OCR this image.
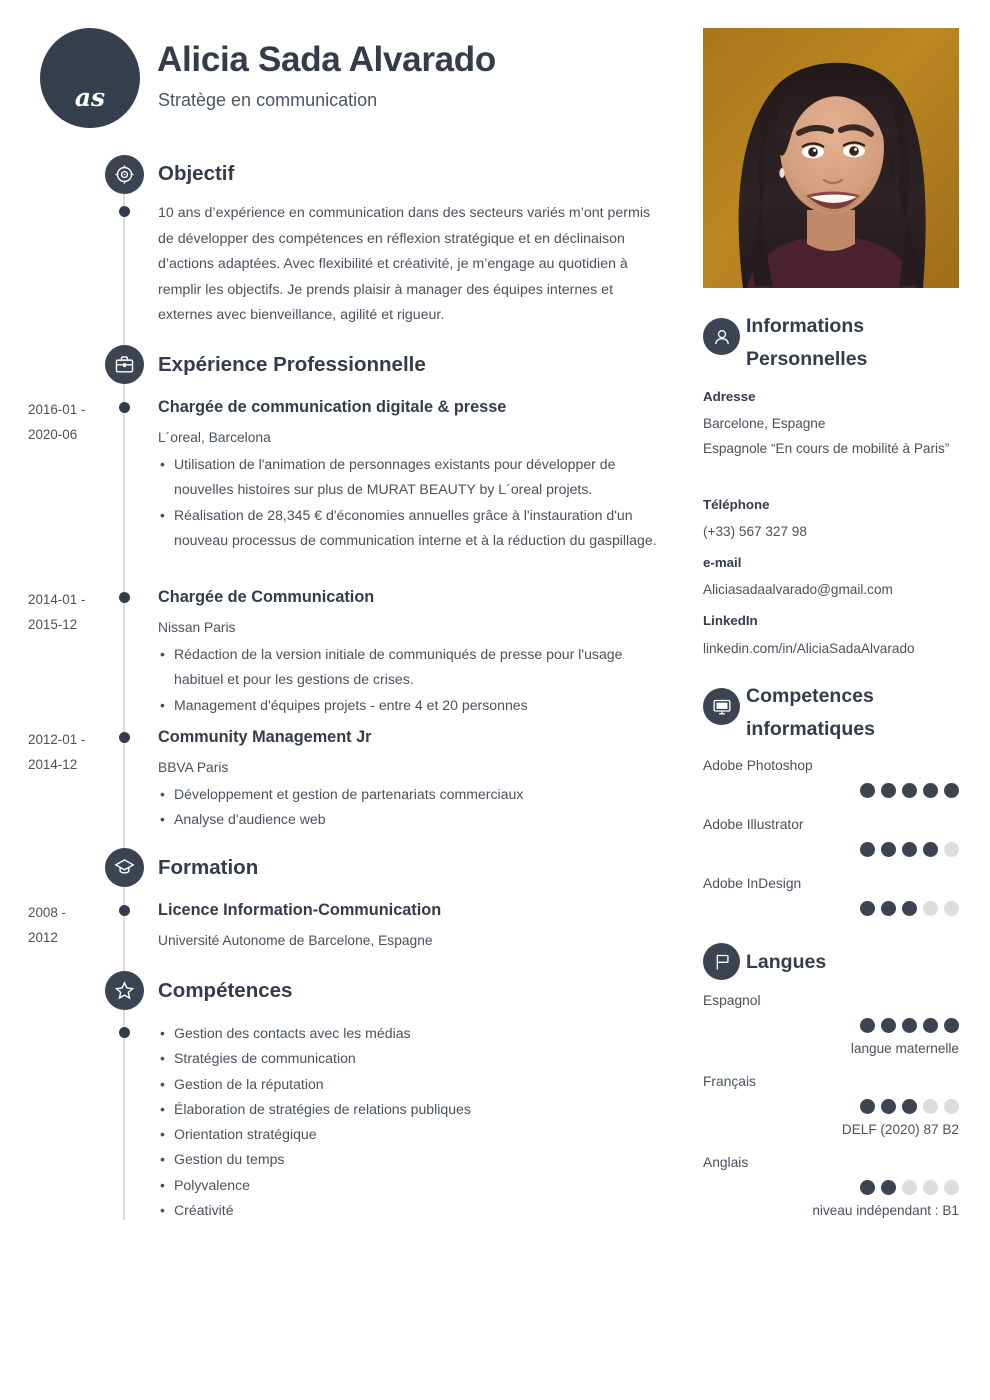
as
Alicia Sada Alvarado
Stratège en communication
Objectif
10 ans d’expérience en communication dans des secteurs variés m’ont permis de développer des compétences en réflexion stratégique et en déclinaison d’actions adaptées. Avec flexibilité et créativité, je m’engage au quotidien à remplir les objectifs. Je prends plaisir à manager des équipes internes et externes avec bienveillance, agilité et rigueur.
Expérience Professionnelle
2016-01 -
2020-06
Chargée de communication digitale & presse
L´oreal, Barcelona
• Utilisation de l'animation de personnages existants pour développer de nouvelles histoires sur plus de MURAT BEAUTY by L´oreal projets.
• Réalisation de 28,345 € d'économies annuelles grâce à l'instauration d'un nouveau processus de communication interne et à la réduction du gaspillage.
2014-01 -
2015-12
Chargée de Communication
Nissan Paris
• Rédaction de la version initiale de communiqués de presse pour l'usage habituel et pour les gestions de crises.
• Management d'équipes projets - entre 4 et 20 personnes
2012-01 -
2014-12
Community Management Jr
BBVA Paris
• Développement et gestion de partenariats commerciaux
• Analyse d'audience web
Formation
2008 -
2012
Licence Information-Communication
Université Autonome de Barcelone, Espagne
Compétences
• Gestion des contacts avec les médias
• Stratégies de communication
• Gestion de la réputation
• Élaboration de stratégies de relations publiques
• Orientation stratégique
• Gestion du temps
• Polyvalence
• Créativité
Informations Personnelles
Adresse
Barcelone, Espagne
Espagnole “En cours de mobilité à Paris”
Téléphone
(+33) 567 327 98
e-mail
Aliciasadaalvarado@gmail.com
LinkedIn
linkedin.com/in/AliciaSadaAlvarado
Competences informatiques
Adobe Photoshop
Adobe Illustrator
Adobe InDesign
Langues
Espagnol
langue maternelle
Français
DELF (2020) 87 B2
Anglais
niveau indépendant : B1
